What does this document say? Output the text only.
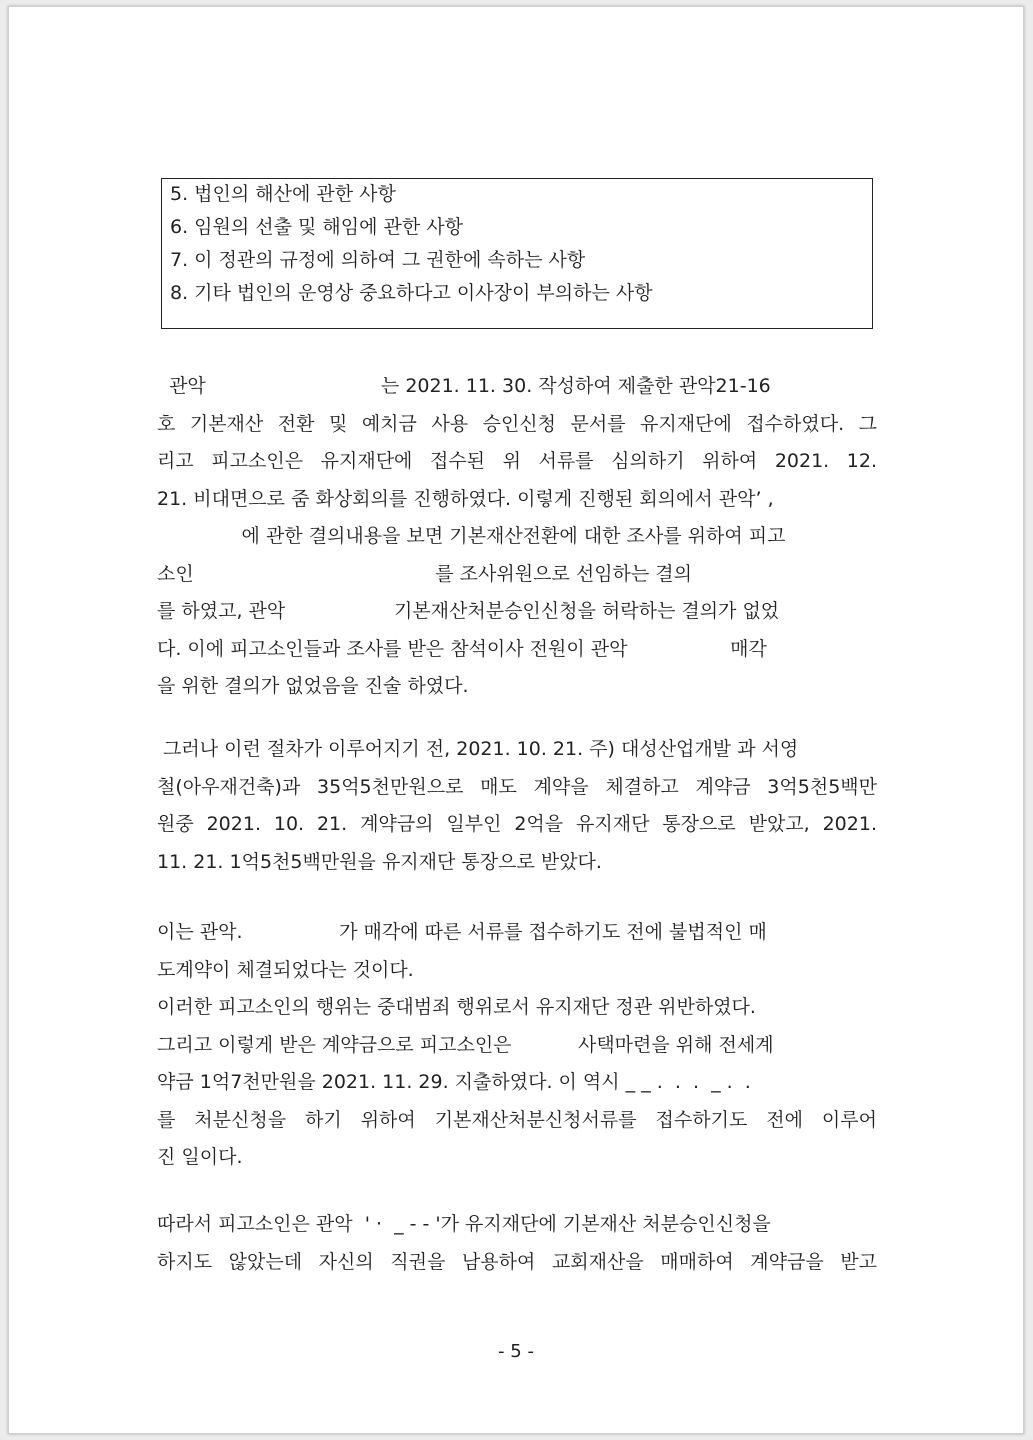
5. 법인의 해산에 관한 사항
6. 임원의 선출 및 해임에 관한 사항
7. 이 정관의 규정에 의하여 그 권한에 속하는 사항
8. 기타 법인의 운영상 중요하다고 이사장이 부의하는 사항
관악                             는 2021. 11. 30. 작성하여 제출한 관악21-16
호 기본재산 전환 및 예치금 사용 승인신청 문서를 유지재단에 접수하였다. 그
리고 피고소인은 유지재단에 접수된 위 서류를 심의하기 위하여 2021. 12.
21. 비대면으로 줌 화상회의를 진행하였다. 이렇게 진행된 회의에서 관악’ ,
에 관한 결의내용을 보면 기본재산전환에 대한 조사를 위하여 피고
소인                                        를 조사위원으로 선임하는 결의
를 하였고, 관악                  기본재산처분승인신청을 허락하는 결의가 없었
다. 이에 피고소인들과 조사를 받은 참석이사 전원이 관악                 매각
을 위한 결의가 없었음을 진술 하였다.
그러나 이런 절차가 이루어지기 전, 2021. 10. 21. 주) 대성산업개발 과 서영
철(아우재건축)과 35억5천만원으로 매도 계약을 체결하고 계약금 3억5천5백만
원중 2021. 10. 21. 계약금의 일부인 2억을 유지재단 통장으로 받았고, 2021.
11. 21. 1억5천5백만원을 유지재단 통장으로 받았다.
이는 관악.                가 매각에 따른 서류를 접수하기도 전에 불법적인 매
도계약이 체결되었다는 것이다.
이러한 피고소인의 행위는 중대범죄 행위로서 유지재단 정관 위반하였다.
그리고 이렇게 받은 계약금으로 피고소인은           사택마련을 위해 전세계
약금 1억7천만원을 2021. 11. 29. 지출하였다. 이 역시 _ _ .  .  .  _ .  .
를 처분신청을 하기 위하여 기본재산처분신청서류를 접수하기도 전에 이루어
진 일이다.
따라서 피고소인은 관악  ' ·  _ - - '가 유지재단에 기본재산 처분승인신청을
하지도 않았는데 자신의 직권을 남용하여 교회재산을 매매하여 계약금을 받고
- 5 -
